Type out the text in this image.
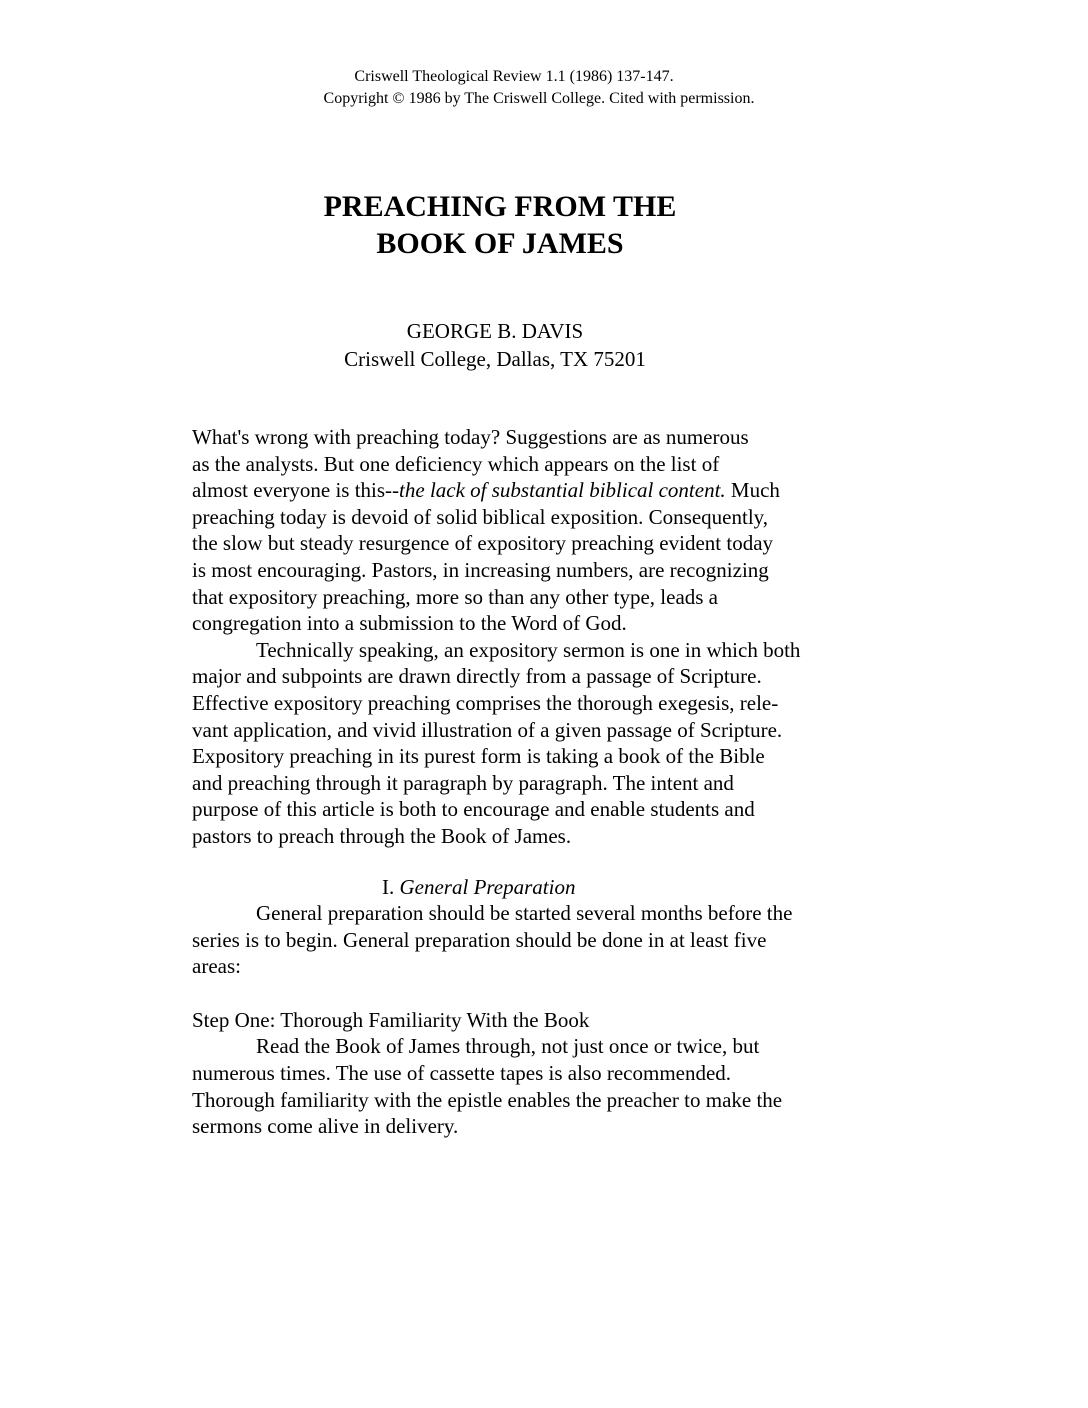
Criswell Theological Review 1.1 (1986) 137-147.
Copyright © 1986 by The Criswell College. Cited with permission.
PREACHING FROM THE
BOOK OF JAMES
GEORGE B. DAVIS
Criswell College, Dallas, TX 75201

What's wrong with preaching today? Suggestions are as numerous
as the analysts. But one deficiency which appears on the list of
almost everyone is this--the lack of substantial biblical content. Much
preaching today is devoid of solid biblical exposition. Consequently,
the slow but steady resurgence of expository preaching evident today
is most encouraging. Pastors, in increasing numbers, are recognizing
that expository preaching, more so than any other type, leads a
congregation into a submission to the Word of God.

Technically speaking, an expository sermon is one in which both
major and subpoints are drawn directly from a passage of Scripture.
Effective expository preaching comprises the thorough exegesis, rele-
vant application, and vivid illustration of a given passage of Scripture.
Expository preaching in its purest form is taking a book of the Bible
and preaching through it paragraph by paragraph. The intent and
purpose of this article is both to encourage and enable students and
pastors to preach through the Book of James.

I. General Preparation

General preparation should be started several months before the
series is to begin. General preparation should be done in at least five
areas:

Step One: Thorough Familiarity With the Book

Read the Book of James through, not just once or twice, but
numerous times. The use of cassette tapes is also recommended.
Thorough familiarity with the epistle enables the preacher to make the
sermons come alive in delivery.
